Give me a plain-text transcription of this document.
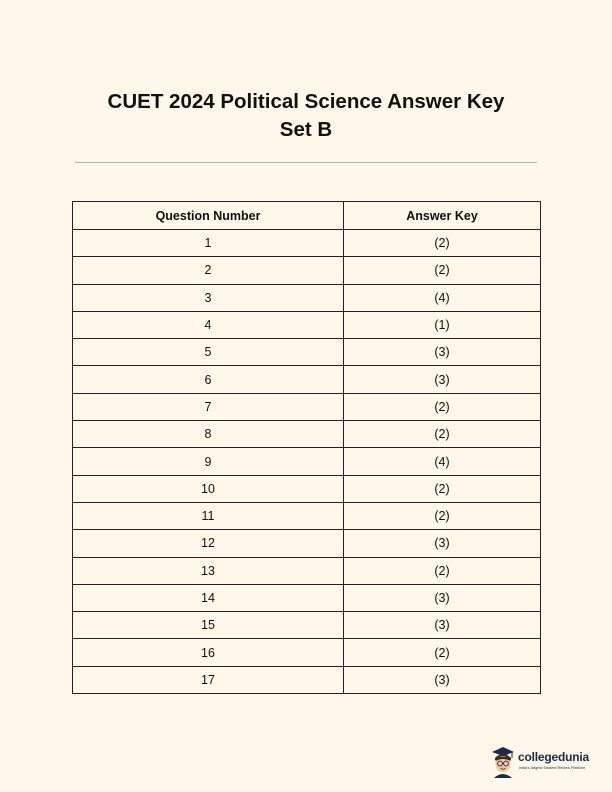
CUET 2024 Political Science Answer Key
Set B
Question Number	Answer Key
1	(2)
2	(2)
3	(4)
4	(1)
5	(3)
6	(3)
7	(2)
8	(2)
9	(4)
10	(2)
11	(2)
12	(3)
13	(2)
14	(3)
15	(3)
16	(2)
17	(3)
collegedunia
India's largest Student Review Platform
